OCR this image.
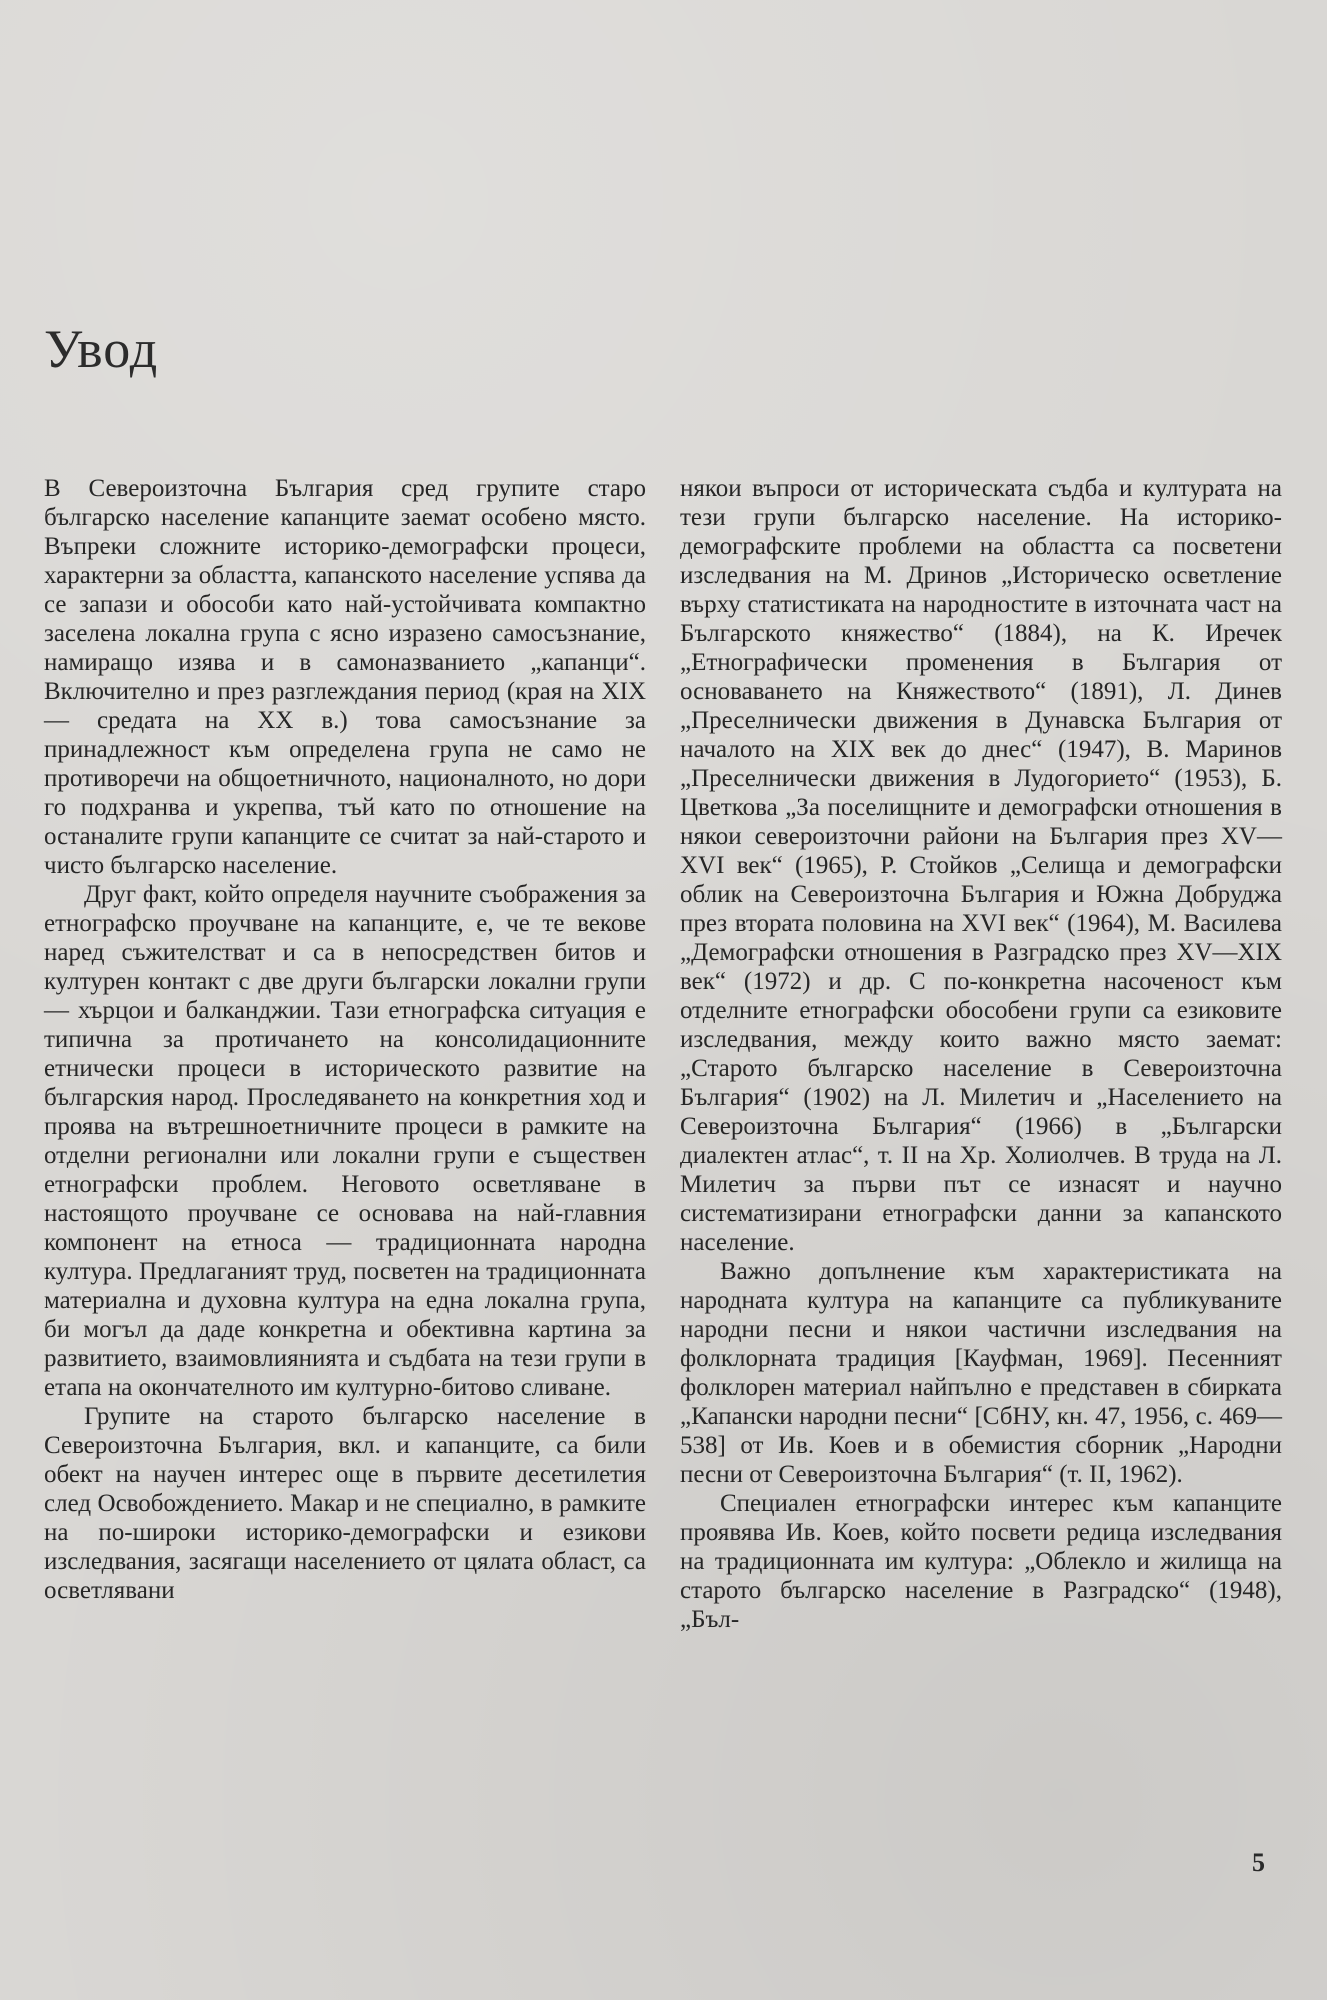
Увод

В Североизточна България сред групите старо българско население капанците заемат особено място. Въпреки сложните историко-демографски процеси, характерни за областта, капанското население успява да се запази и обособи като най-устойчивата компактно заселена локална група с ясно изразено самосъзнание, намиращо изява и в самоназванието „капанци“. Включително и през разглеждания период (края на XIX — средата на XX в.) това самосъзнание за принадлежност към определена група не само не противоречи на общоетничното, националното, но дори го подхранва и укрепва, тъй като по отношение на останалите групи капанците се считат за най-старото и чисто българско население.

Друг факт, който определя научните съображения за етнографско проучване на капанците, е, че те векове наред съжителстват и са в непосредствен битов и културен контакт с две други български локални групи — хърцои и балканджии. Тази етнографска ситуация е типична за протичането на консолидационните етнически процеси в историческото развитие на българския народ. Проследяването на конкретния ход и проява на вътрешноетничните процеси в рамките на отделни регионални или локални групи е съществен етнографски проблем. Неговото осветляване в настоящото проучване се основава на най-главния компонент на етноса — традиционната народна култура. Предлаганият труд, посветен на традиционната материална и духовна култура на една локална група, би могъл да даде конкретна и обективна картина за развитието, взаимовлиянията и съдбата на тези групи в етапа на окончателното им културно-битово сливане.

Групите на старото българско население в Североизточна България, вкл. и капанците, са били обект на научен интерес още в първите десетилетия след Освобождението. Макар и не специално, в рамките на по-широки историко-демографски и езикови изследвания, засягащи населението от цялата област, са осветлявани

някои въпроси от историческата съдба и културата на тези групи българско население. На историко-демографските проблеми на областта са посветени изследвания на М. Дринов „Историческо осветление върху статистиката на народностите в източната част на Българското княжество“ (1884), на К. Иречек „Етнографически променения в България от основаването на Княжеството“ (1891), Л. Динев „Преселнически движения в Дунавска България от началото на XIX век до днес“ (1947), В. Маринов „Преселнически движения в Лудогорието“ (1953), Б. Цветкова „За поселищните и демографски отношения в някои североизточни райони на България през XV—XVI век“ (1965), Р. Стойков „Селища и демографски облик на Североизточна България и Южна Добруджа през втората половина на XVI век“ (1964), М. Василева „Демографски отношения в Разградско през XV—XIX век“ (1972) и др. С по-конкретна насоченост към отделните етнографски обособени групи са езиковите изследвания, между които важно място заемат: „Старото българско население в Североизточна България“ (1902) на Л. Милетич и „Населението на Североизточна България“ (1966) в „Български диалектен атлас“, т. II на Хр. Холиолчев. В труда на Л. Милетич за първи път се изнасят и научно систематизирани етнографски данни за капанското население.

Важно допълнение към характеристиката на народната култура на капанците са публикуваните народни песни и някои частични изследвания на фолклорната традиция [Кауфман, 1969]. Песенният фолклорен материал найпълно е представен в сбирката „Капански народни песни“ [СбНУ, кн. 47, 1956, с. 469—538] от Ив. Коев и в обемистия сборник „Народни песни от Североизточна България“ (т. II, 1962).

Специален етнографски интерес към капанците проявява Ив. Коев, който посвети редица изследвания на традиционната им култура: „Облекло и жилища на старото българско население в Разградско“ (1948), „Бъл-

5
